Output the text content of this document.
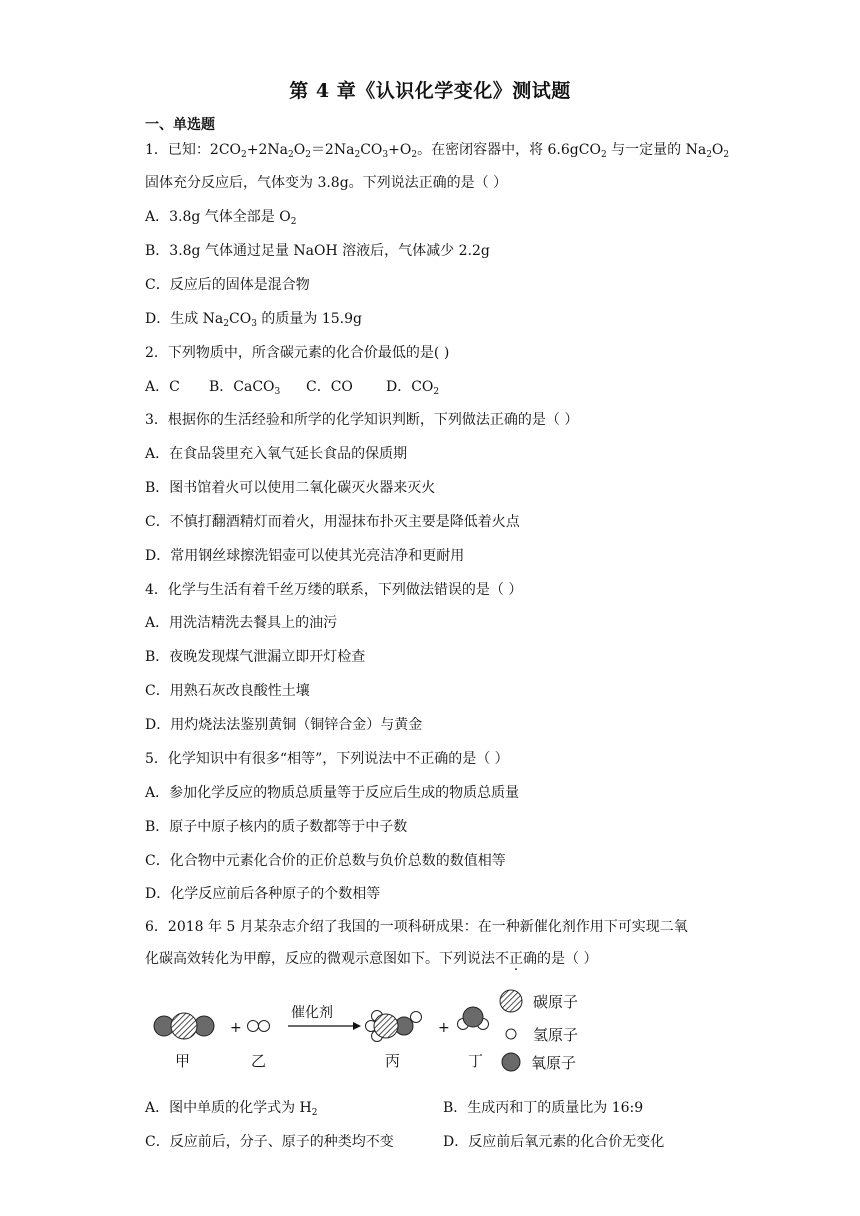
第 4 章《认识化学变化》测试题
一、单选题
1．已知：$2CO_2+2Na_2O_2=2Na_2CO_3+O_2$。在密闭容器中，将 6.6gCO$_2$ 与一定量的 $Na_2O_2$
固体充分反应后，气体变为 3.8g。下列说法正确的是（ ）
A．3.8g 气体全部是 $O_2$
B．3.8g 气体通过足量 NaOH 溶液后，气体减少 2.2g
C．反应后的固体是混合物
D．生成 $Na_2CO_3$ 的质量为 15.9g
2．下列物质中，所含碳元素的化合价最低的是( )
A．C B．CaCO$_3$ C．CO D．$CO_2$
3．根据你的生活经验和所学的化学知识判断，下列做法正确的是（ ）
A．在食品袋里充入氧气延长食品的保质期
B．图书馆着火可以使用二氧化碳灭火器来灭火
C．不慎打翻酒精灯而着火，用湿抹布扑灭主要是降低着火点
D．常用钢丝球擦洗铝壶可以使其光亮洁净和更耐用
4．化学与生活有着千丝万缕的联系，下列做法错误的是（ ）
A．用洗洁精洗去餐具上的油污
B．夜晚发现煤气泄漏立即开灯检查
C．用熟石灰改良酸性土壤
D．用灼烧法法鉴别黄铜（铜锌合金）与黄金
5．化学知识中有很多“相等”，下列说法中不正确的是（ ）
A．参加化学反应的物质总质量等于反应后生成的物质总质量
B．原子中原子核内的质子数都等于中子数
C．化合物中元素化合价的正价总数与负价总数的数值相等
D．化学反应前后各种原子的个数相等
6．2018 年 5 月某杂志介绍了我国的一项科研成果：在一种新催化剂作用下可实现二氧
化碳高效转化为甲醇，反应的微观示意图如下。下列说法不正确的是（ ）
甲
+
乙
催化剂
丙
+
丁
碳原子
氢原子
氧原子
A．图中单质的化学式为 $H_2$	B．生成丙和丁的质量比为 16:9
C．反应前后，分子、原子的种类均不变	D．反应前后氧元素的化合价无变化
